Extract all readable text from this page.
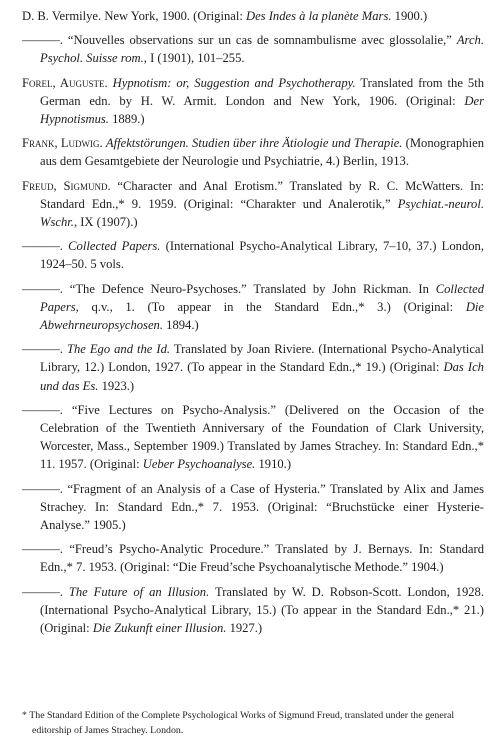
D. B. Vermilye. New York, 1900. (Original: Des Indes à la planète Mars. 1900.)

———. “Nouvelles observations sur un cas de somnambulisme avec glossolalie,” Arch. Psychol. Suisse rom., I (1901), 101–255.

Forel, Auguste. Hypnotism: or, Suggestion and Psychotherapy. Translated from the 5th German edn. by H. W. Armit. London and New York, 1906. (Original: Der Hypnotismus. 1889.)

Frank, Ludwig. Affektstörungen. Studien über ihre Ätiologie und Therapie. (Monographien aus dem Gesamtgebiete der Neurologie und Psychiatrie, 4.) Berlin, 1913.

Freud, Sigmund. “Character and Anal Erotism.” Translated by R. C. McWatters. In: Standard Edn.,* 9. 1959. (Original: “Charakter und Analerotik,” Psychiat.-neurol. Wschr., IX (1907).)

———. Collected Papers. (International Psycho-Analytical Library, 7–10, 37.) London, 1924–50. 5 vols.

———. “The Defence Neuro-Psychoses.” Translated by John Rickman. In Collected Papers, q.v., 1. (To appear in the Standard Edn.,* 3.) (Original: Die Abwehrneuropsychosen. 1894.)

———. The Ego and the Id. Translated by Joan Riviere. (International Psycho-Analytical Library, 12.) London, 1927. (To appear in the Standard Edn.,* 19.) (Original: Das Ich und das Es. 1923.)

———. “Five Lectures on Psycho-Analysis.” (Delivered on the Occasion of the Celebration of the Twentieth Anniversary of the Foundation of Clark University, Worcester, Mass., September 1909.) Translated by James Strachey. In: Standard Edn.,* 11. 1957. (Original: Ueber Psychoanalyse. 1910.)

———. “Fragment of an Analysis of a Case of Hysteria.” Translated by Alix and James Strachey. In: Standard Edn.,* 7. 1953. (Original: “Bruchstücke einer Hysterie-Analyse.” 1905.)

———. “Freud’s Psycho-Analytic Procedure.” Translated by J. Bernays. In: Standard Edn.,* 7. 1953. (Original: “Die Freud’sche Psychoanalytische Methode.” 1904.)

———. The Future of an Illusion. Translated by W. D. Robson-Scott. London, 1928. (International Psycho-Analytical Library, 15.) (To appear in the Standard Edn.,* 21.) (Original: Die Zukunft einer Illusion. 1927.)

* The Standard Edition of the Complete Psychological Works of Sigmund Freud, translated under the general editorship of James Strachey. London.
